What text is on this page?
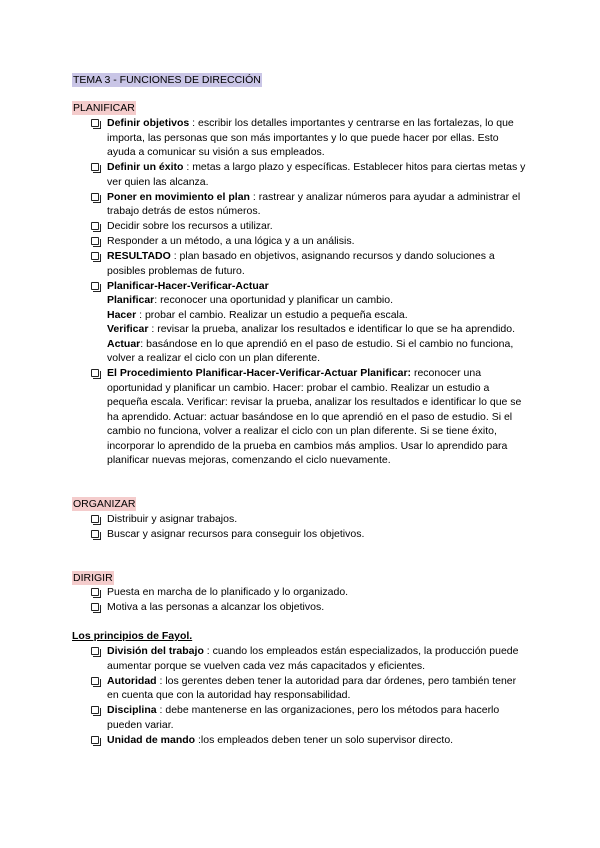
TEMA 3 - FUNCIONES DE DIRECCIÓN
PLANIFICAR
Definir objetivos : escribir los detalles importantes y centrarse en las fortalezas, lo que importa, las personas que son más importantes y lo que puede hacer por ellas. Esto ayuda a comunicar su visión a sus empleados.
Definir un éxito : metas a largo plazo y específicas. Establecer hitos para ciertas metas y ver quien las alcanza.
Poner en movimiento el plan : rastrear y analizar números para ayudar a administrar el trabajo detrás de estos números.
Decidir sobre los recursos a utilizar.
Responder a un método, a una lógica y a un análisis.
RESULTADO : plan basado en objetivos, asignando recursos y dando soluciones a posibles problemas de futuro.
Planificar-Hacer-Verificar-Actuar
Planificar: reconocer una oportunidad y planificar un cambio.
Hacer : probar el cambio. Realizar un estudio a pequeña escala.
Verificar : revisar la prueba, analizar los resultados e identificar lo que se ha aprendido.
Actuar: basándose en lo que aprendió en el paso de estudio. Si el cambio no funciona, volver a realizar el ciclo con un plan diferente.
El Procedimiento Planificar-Hacer-Verificar-Actuar Planificar: reconocer una oportunidad y planificar un cambio. Hacer: probar el cambio. Realizar un estudio a pequeña escala. Verificar: revisar la prueba, analizar los resultados e identificar lo que se ha aprendido. Actuar: actuar basándose en lo que aprendió en el paso de estudio. Si el cambio no funciona, volver a realizar el ciclo con un plan diferente. Si se tiene éxito, incorporar lo aprendido de la prueba en cambios más amplios. Usar lo aprendido para planificar nuevas mejoras, comenzando el ciclo nuevamente.
ORGANIZAR
Distribuir y asignar trabajos.
Buscar y asignar recursos para conseguir los objetivos.
DIRIGIR
Puesta en marcha de lo planificado y lo organizado.
Motiva a las personas a alcanzar los objetivos.
Los principios de Fayol.
División del trabajo : cuando los empleados están especializados, la producción puede aumentar porque se vuelven cada vez más capacitados y eficientes.
Autoridad : los gerentes deben tener la autoridad para dar órdenes, pero también tener en cuenta que con la autoridad hay responsabilidad.
Disciplina : debe mantenerse en las organizaciones, pero los métodos para hacerlo pueden variar.
Unidad de mando :los empleados deben tener un solo supervisor directo.
